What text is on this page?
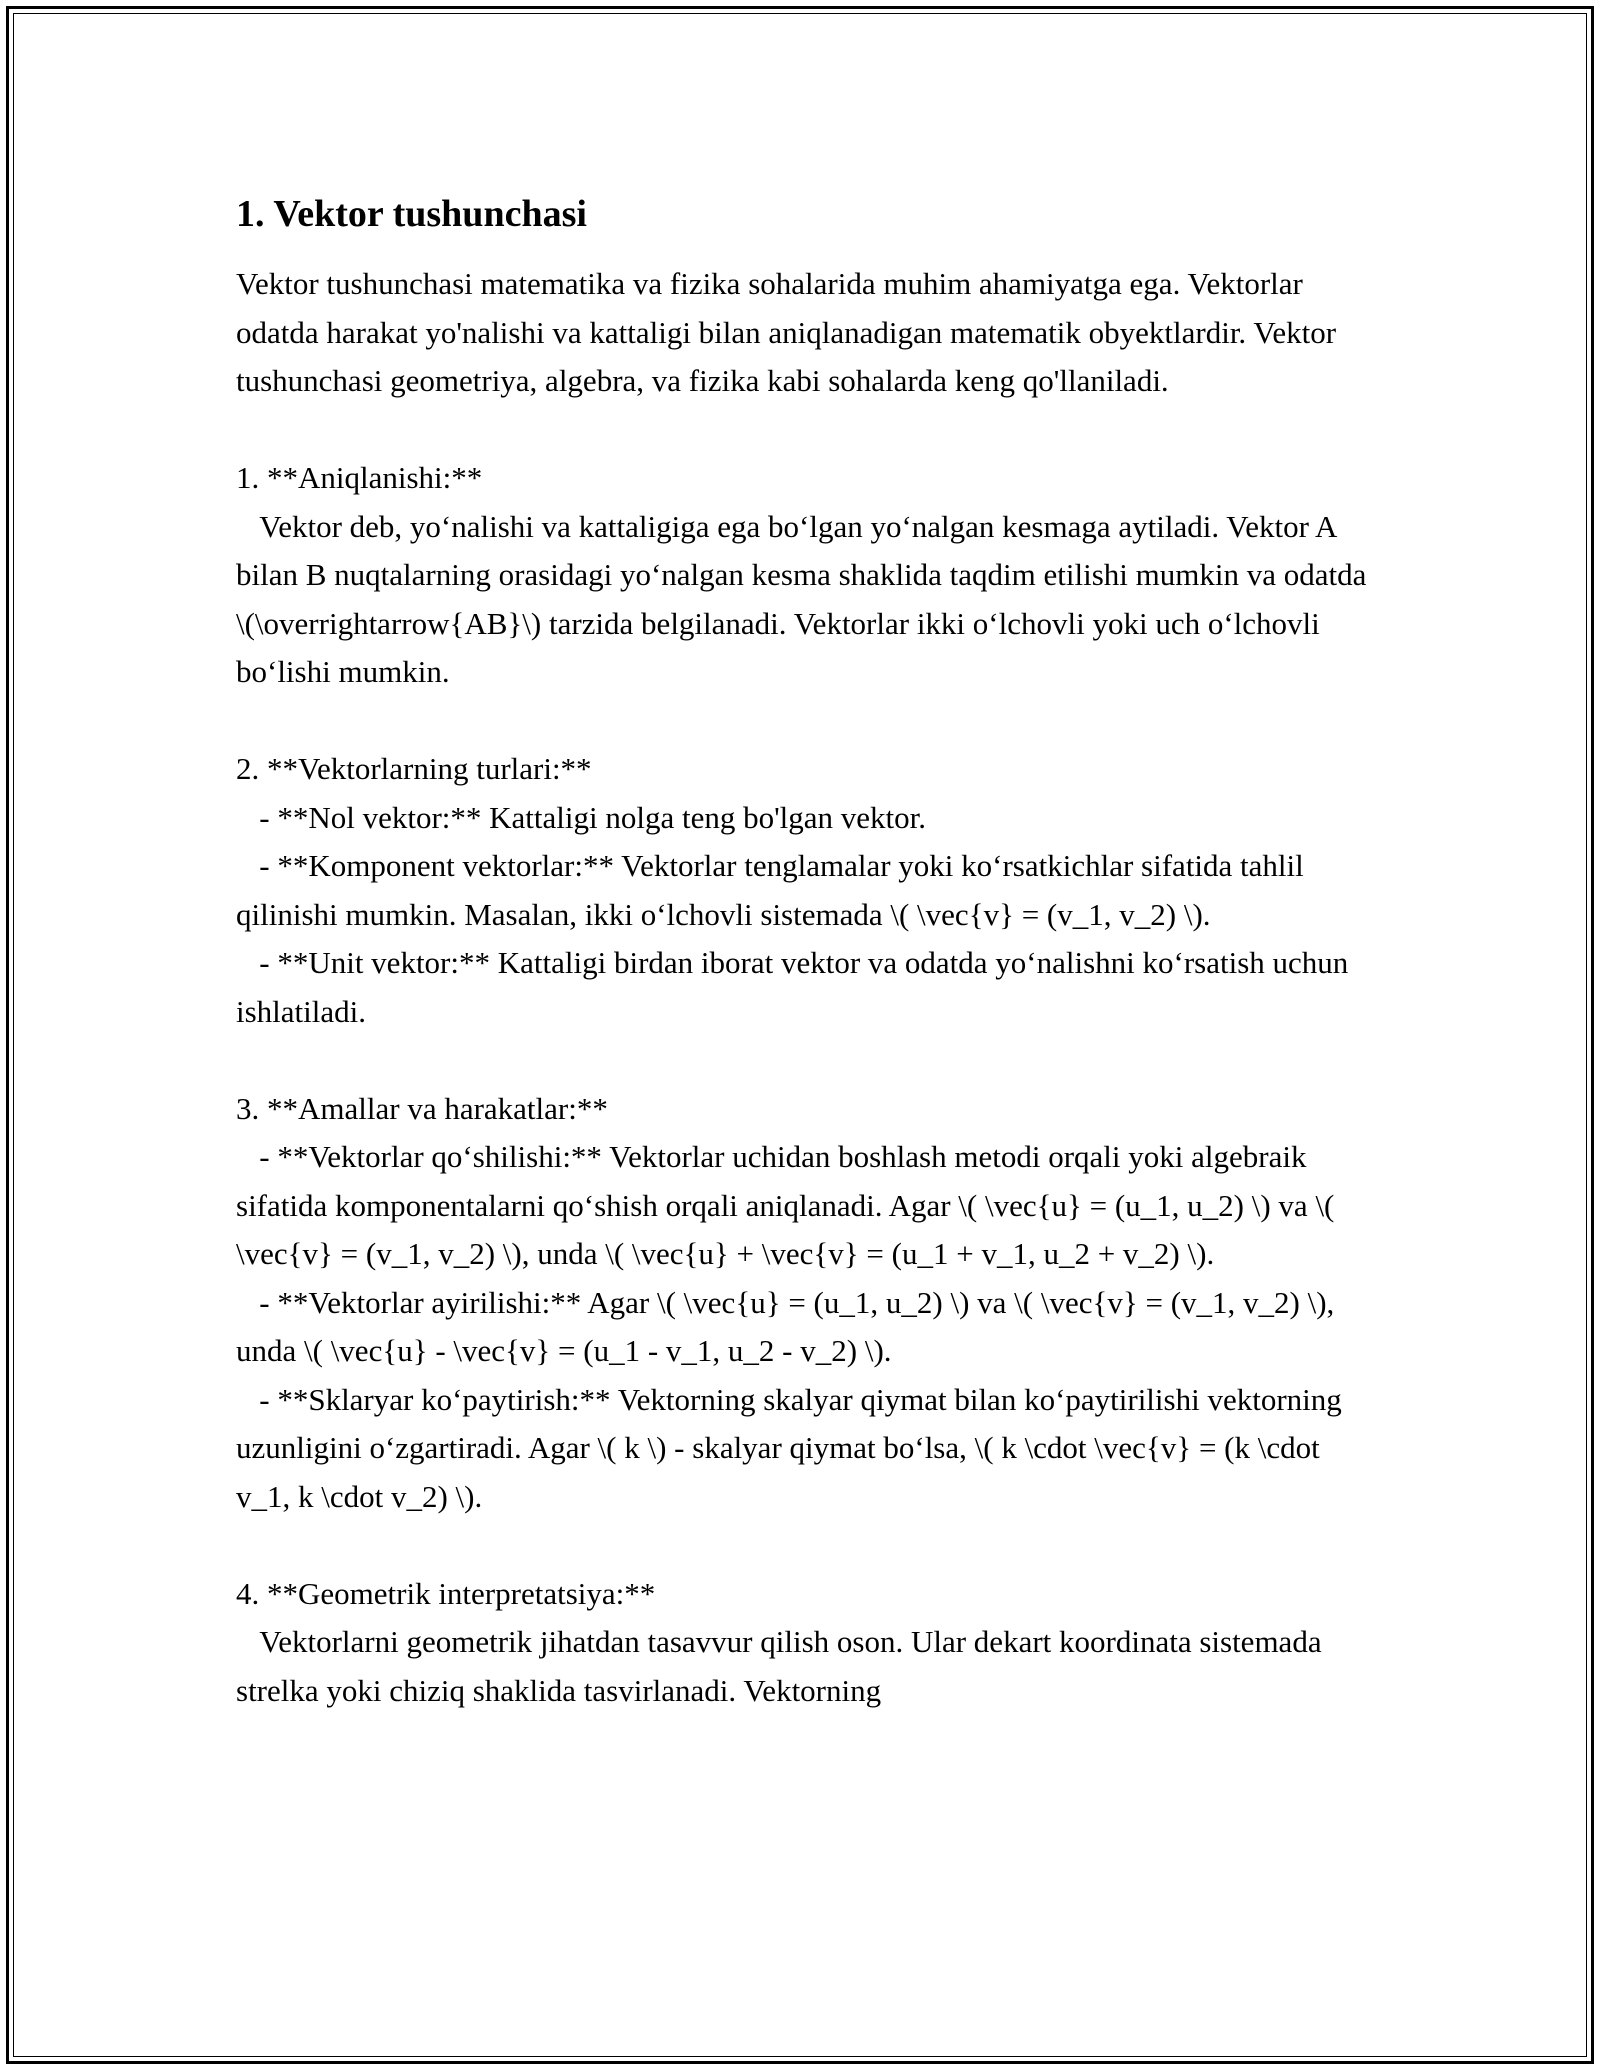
1. Vektor tushunchasi

Vektor tushunchasi matematika va fizika sohalarida muhim ahamiyatga ega. Vektorlar odatda harakat yo'nalishi va kattaligi bilan aniqlanadigan matematik obyektlardir. Vektor tushunchasi geometriya, algebra, va fizika kabi sohalarda keng qo'llaniladi.

1. **Aniqlanishi:**
Vektor deb, yo‘nalishi va kattaligiga ega bo‘lgan yo‘nalgan kesmaga aytiladi. Vektor A bilan B nuqtalarning orasidagi yo‘nalgan kesma shaklida taqdim etilishi mumkin va odatda \(\overrightarrow{AB}\) tarzida belgilanadi. Vektorlar ikki o‘lchovli yoki uch o‘lchovli bo‘lishi mumkin.

2. **Vektorlarning turlari:**
- **Nol vektor:** Kattaligi nolga teng bo'lgan vektor.
- **Komponent vektorlar:** Vektorlar tenglamalar yoki ko‘rsatkichlar sifatida tahlil qilinishi mumkin. Masalan, ikki o‘lchovli sistemada \( \vec{v} = (v_1, v_2) \).
- **Unit vektor:** Kattaligi birdan iborat vektor va odatda yo‘nalishni ko‘rsatish uchun ishlatiladi.

3. **Amallar va harakatlar:**
- **Vektorlar qo‘shilishi:** Vektorlar uchidan boshlash metodi orqali yoki algebraik sifatida komponentalarni qo‘shish orqali aniqlanadi. Agar \( \vec{u} = (u_1, u_2) \) va \( \vec{v} = (v_1, v_2) \), unda \( \vec{u} + \vec{v} = (u_1 + v_1, u_2 + v_2) \).
- **Vektorlar ayirilishi:** Agar \( \vec{u} = (u_1, u_2) \) va \( \vec{v} = (v_1, v_2) \), unda \( \vec{u} - \vec{v} = (u_1 - v_1, u_2 - v_2) \).
- **Sklaryar ko‘paytirish:** Vektorning skalyar qiymat bilan ko‘paytirilishi vektorning uzunligini o‘zgartiradi. Agar \( k \) - skalyar qiymat bo‘lsa, \( k \cdot \vec{v} = (k \cdot v_1, k \cdot v_2) \).

4. **Geometrik interpretatsiya:**
Vektorlarni geometrik jihatdan tasavvur qilish oson. Ular dekart koordinata sistemada strelka yoki chiziq shaklida tasvirlanadi. Vektorning
